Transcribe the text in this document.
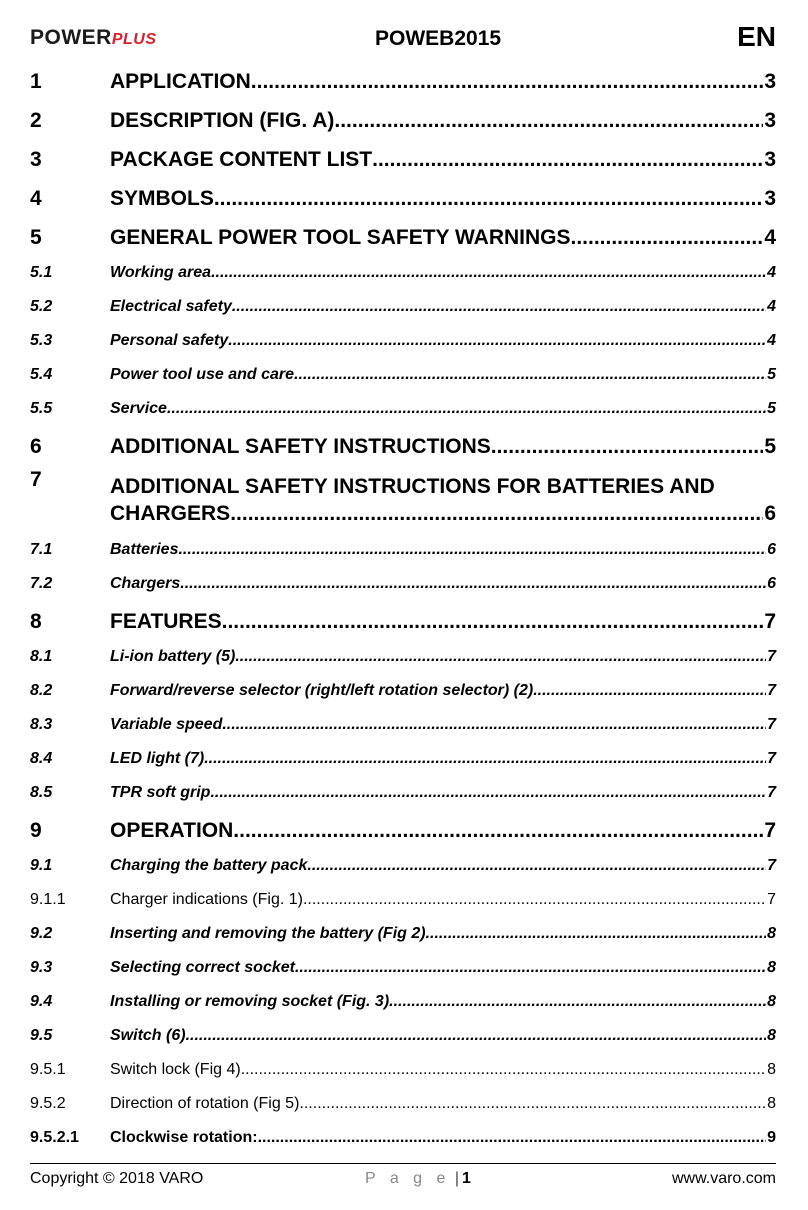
POWERPLUS	POWEB2015	EN
1	APPLICATION .....	3
2	DESCRIPTION (FIG. A) .....	3
3	PACKAGE CONTENT LIST .....	3
4	SYMBOLS .....	3
5	GENERAL POWER TOOL SAFETY WARNINGS .....	4
5.1	Working area .....	4
5.2	Electrical safety .....	4
5.3	Personal safety .....	4
5.4	Power tool use and care .....	5
5.5	Service .....	5
6	ADDITIONAL SAFETY INSTRUCTIONS .....	5
7	ADDITIONAL SAFETY INSTRUCTIONS FOR BATTERIES AND
CHARGERS .....	6
7.1	Batteries .....	6
7.2	Chargers .....	6
8	FEATURES .....	7
8.1	Li-ion battery (5) .....	7
8.2	Forward/reverse selector (right/left rotation selector) (2) .....	7
8.3	Variable speed .....	7
8.4	LED light (7) .....	7
8.5	TPR soft grip .....	7
9	OPERATION .....	7
9.1	Charging the battery pack .....	7
9.1.1	Charger indications (Fig. 1) .....	7
9.2	Inserting and removing the battery (Fig 2) .....	8
9.3	Selecting correct socket .....	8
9.4	Installing or removing socket (Fig. 3) .....	8
9.5	Switch (6) .....	8
9.5.1	Switch lock (Fig 4) .....	8
9.5.2	Direction of rotation (Fig 5) .....	8
9.5.2.1	Clockwise rotation: .....	9
Copyright © 2018 VARO	P a g e | 1	www.varo.com
